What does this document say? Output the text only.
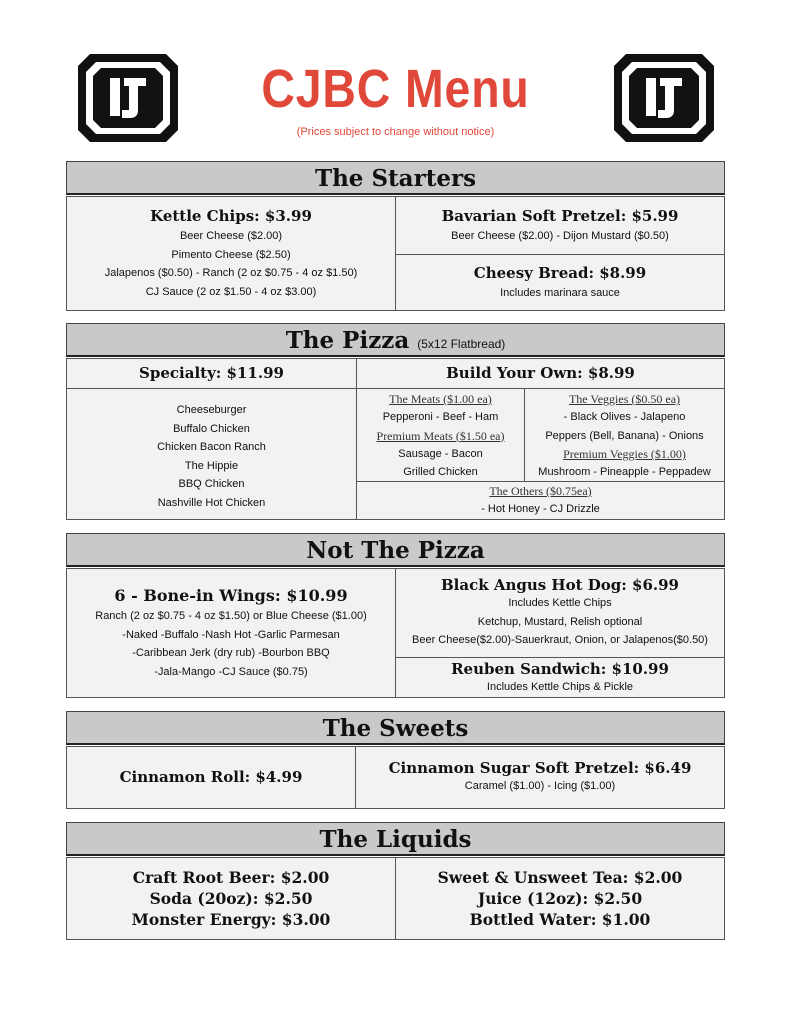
CJBC Menu
(Prices subject to change without notice)
The Starters
Kettle Chips: $3.99
Beer Cheese ($2.00)
Pimento Cheese ($2.50)
Jalapenos ($0.50) - Ranch (2 oz $0.75 - 4 oz $1.50)
CJ Sauce (2 oz $1.50 - 4 oz $3.00)
Bavarian Soft Pretzel: $5.99
Beer Cheese ($2.00) - Dijon Mustard ($0.50)
Cheesy Bread: $8.99
Includes marinara sauce
The Pizza (5x12 Flatbread)
Specialty: $11.99	Build Your Own: $8.99
Cheeseburger
Buffalo Chicken
Chicken Bacon Ranch
The Hippie
BBQ Chicken
Nashville Hot Chicken
The Meats ($1.00 ea)
Pepperoni - Beef - Ham
Premium Meats ($1.50 ea)
Sausage - Bacon
Grilled Chicken
The Veggies ($0.50 ea)
- Black Olives - Jalapeno
Peppers (Bell, Banana) - Onions
Premium Veggies ($1.00)
Mushroom - Pineapple - Peppadew
The Others ($0.75ea)
- Hot Honey - CJ Drizzle
Not The Pizza
6 - Bone-in Wings: $10.99
Ranch (2 oz $0.75 - 4 oz $1.50) or Blue Cheese ($1.00)
-Naked -Buffalo -Nash Hot -Garlic Parmesan
-Caribbean Jerk (dry rub) -Bourbon BBQ
-Jala-Mango -CJ Sauce ($0.75)
Black Angus Hot Dog: $6.99
Includes Kettle Chips
Ketchup, Mustard, Relish optional
Beer Cheese($2.00)-Sauerkraut, Onion, or Jalapenos($0.50)
Reuben Sandwich: $10.99
Includes Kettle Chips & Pickle
The Sweets
Cinnamon Roll: $4.99	Cinnamon Sugar Soft Pretzel: $6.49
Caramel ($1.00) - Icing ($1.00)
The Liquids
Craft Root Beer: $2.00
Soda (20oz): $2.50
Monster Energy: $3.00
Sweet & Unsweet Tea: $2.00
Juice (12oz): $2.50
Bottled Water: $1.00
